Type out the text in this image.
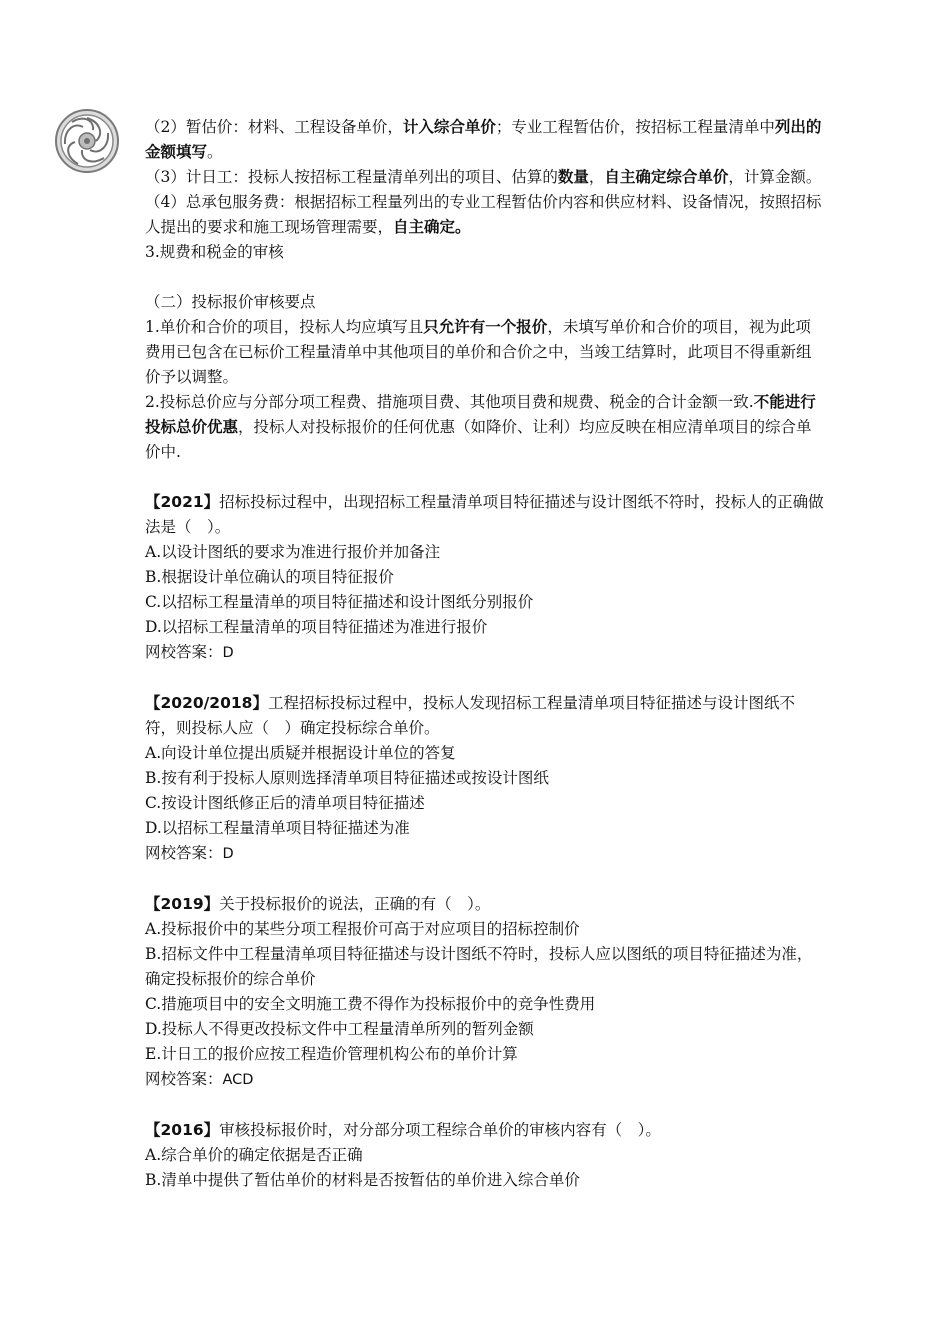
（2）暂估价：材料、工程设备单价，计入综合单价；专业工程暂估价，按招标工程量清单中列出的金额填写。

（3）计日工：投标人按招标工程量清单列出的项目、估算的数量，自主确定综合单价，计算金额。

（4）总承包服务费：根据招标工程量列出的专业工程暂估价内容和供应材料、设备情况，按照招标人提出的要求和施工现场管理需要，自主确定。

3.规费和税金的审核

（二）投标报价审核要点

1.单价和合价的项目，投标人均应填写且只允许有一个报价，未填写单价和合价的项目，视为此项费用已包含在已标价工程量清单中其他项目的单价和合价之中，当竣工结算时，此项目不得重新组价予以调整。

2.投标总价应与分部分项工程费、措施项目费、其他项目费和规费、税金的合计金额一致.不能进行投标总价优惠，投标人对投标报价的任何优惠（如降价、让利）均应反映在相应清单项目的综合单价中.

【2021】招标投标过程中，出现招标工程量清单项目特征描述与设计图纸不符时，投标人的正确做法是（　）。

A.以设计图纸的要求为准进行报价并加备注

B.根据设计单位确认的项目特征报价

C.以招标工程量清单的项目特征描述和设计图纸分别报价

D.以招标工程量清单的项目特征描述为准进行报价

网校答案：D

【2020/2018】工程招标投标过程中，投标人发现招标工程量清单项目特征描述与设计图纸不符，则投标人应（　）确定投标综合单价。

A.向设计单位提出质疑并根据设计单位的答复

B.按有利于投标人原则选择清单项目特征描述或按设计图纸

C.按设计图纸修正后的清单项目特征描述

D.以招标工程量清单项目特征描述为准

网校答案：D

【2019】关于投标报价的说法，正确的有（　）。

A.投标报价中的某些分项工程报价可高于对应项目的招标控制价

B.招标文件中工程量清单项目特征描述与设计图纸不符时，投标人应以图纸的项目特征描述为准，确定投标报价的综合单价

C.措施项目中的安全文明施工费不得作为投标报价中的竞争性费用

D.投标人不得更改投标文件中工程量清单所列的暂列金额

E.计日工的报价应按工程造价管理机构公布的单价计算

网校答案：ACD

【2016】审核投标报价时，对分部分项工程综合单价的审核内容有（　）。

A.综合单价的确定依据是否正确

B.清单中提供了暂估单价的材料是否按暂估的单价进入综合单价
